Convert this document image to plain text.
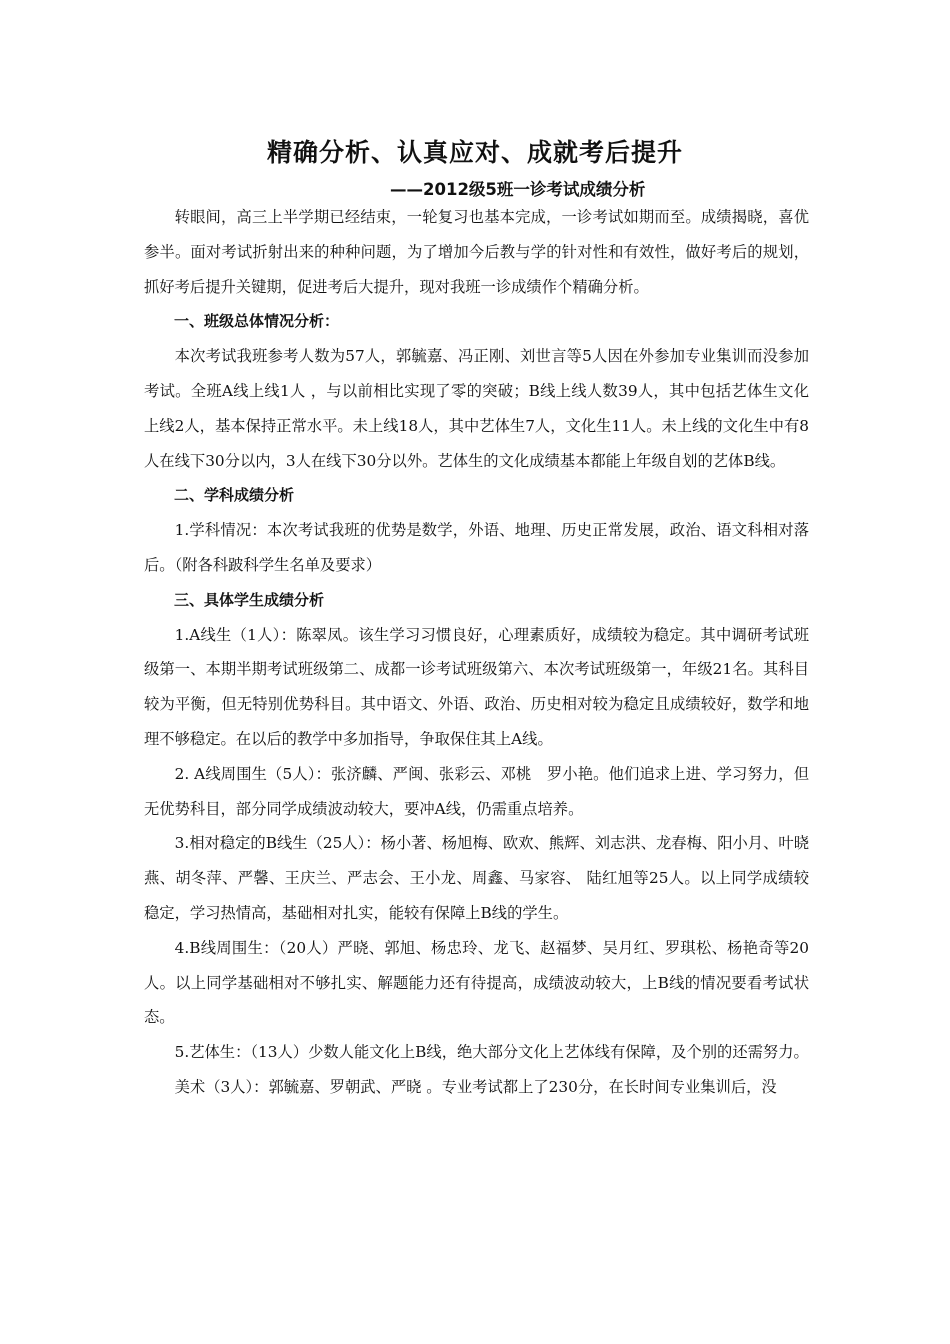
精确分析、认真应对、成就考后提升
——2012级5班一诊考试成绩分析

转眼间，高三上半学期已经结束，一轮复习也基本完成，一诊考试如期而至。成绩揭晓，喜优参半。面对考试折射出来的种种问题，为了增加今后教与学的针对性和有效性，做好考后的规划，抓好考后提升关键期，促进考后大提升，现对我班一诊成绩作个精确分析。

一、班级总体情况分析：

本次考试我班参考人数为57人，郭毓嘉、冯正刚、刘世言等5人因在外参加专业集训而没参加考试。全班A线上线1人 ，与以前相比实现了零的突破；B线上线人数39人，其中包括艺体生文化上线2人，基本保持正常水平。未上线18人，其中艺体生7人，文化生11人。未上线的文化生中有8人在线下30分以内，3人在线下30分以外。艺体生的文化成绩基本都能上年级自划的艺体B线。

二、学科成绩分析

1.学科情况：本次考试我班的优势是数学，外语、地理、历史正常发展，政治、语文科相对落后。（附各科跛科学生名单及要求）

三、具体学生成绩分析

1.A线生（1人）：陈翠凤。该生学习习惯良好，心理素质好，成绩较为稳定。其中调研考试班级第一、本期半期考试班级第二、成都一诊考试班级第六、本次考试班级第一，年级21名。其科目较为平衡，但无特别优势科目。其中语文、外语、政治、历史相对较为稳定且成绩较好，数学和地理不够稳定。在以后的教学中多加指导，争取保住其上A线。

2. A线周围生（5人）：张济麟、严闽、张彩云、邓桃　罗小艳。他们追求上进、学习努力，但无优势科目，部分同学成绩波动较大，要冲A线，仍需重点培养。

3.相对稳定的B线生（25人）：杨小著、杨旭梅、欧欢、熊辉、刘志洪、龙春梅、阳小月、叶晓燕、胡冬萍、严馨、王庆兰、严志会、王小龙、周鑫、马家容、 陆红旭等25人。以上同学成绩较稳定，学习热情高，基础相对扎实，能较有保障上B线的学生。

4.B线周围生：（20人）严晓、郭旭、杨忠玲、龙飞、赵福梦、吴月红、罗琪松、杨艳奇等20人。以上同学基础相对不够扎实、解题能力还有待提高，成绩波动较大，上B线的情况要看考试状态。

5.艺体生：（13人）少数人能文化上B线，绝大部分文化上艺体线有保障，及个别的还需努力。

美术（3人）：郭毓嘉、罗朝武、严晓 。专业考试都上了230分，在长时间专业集训后，没
